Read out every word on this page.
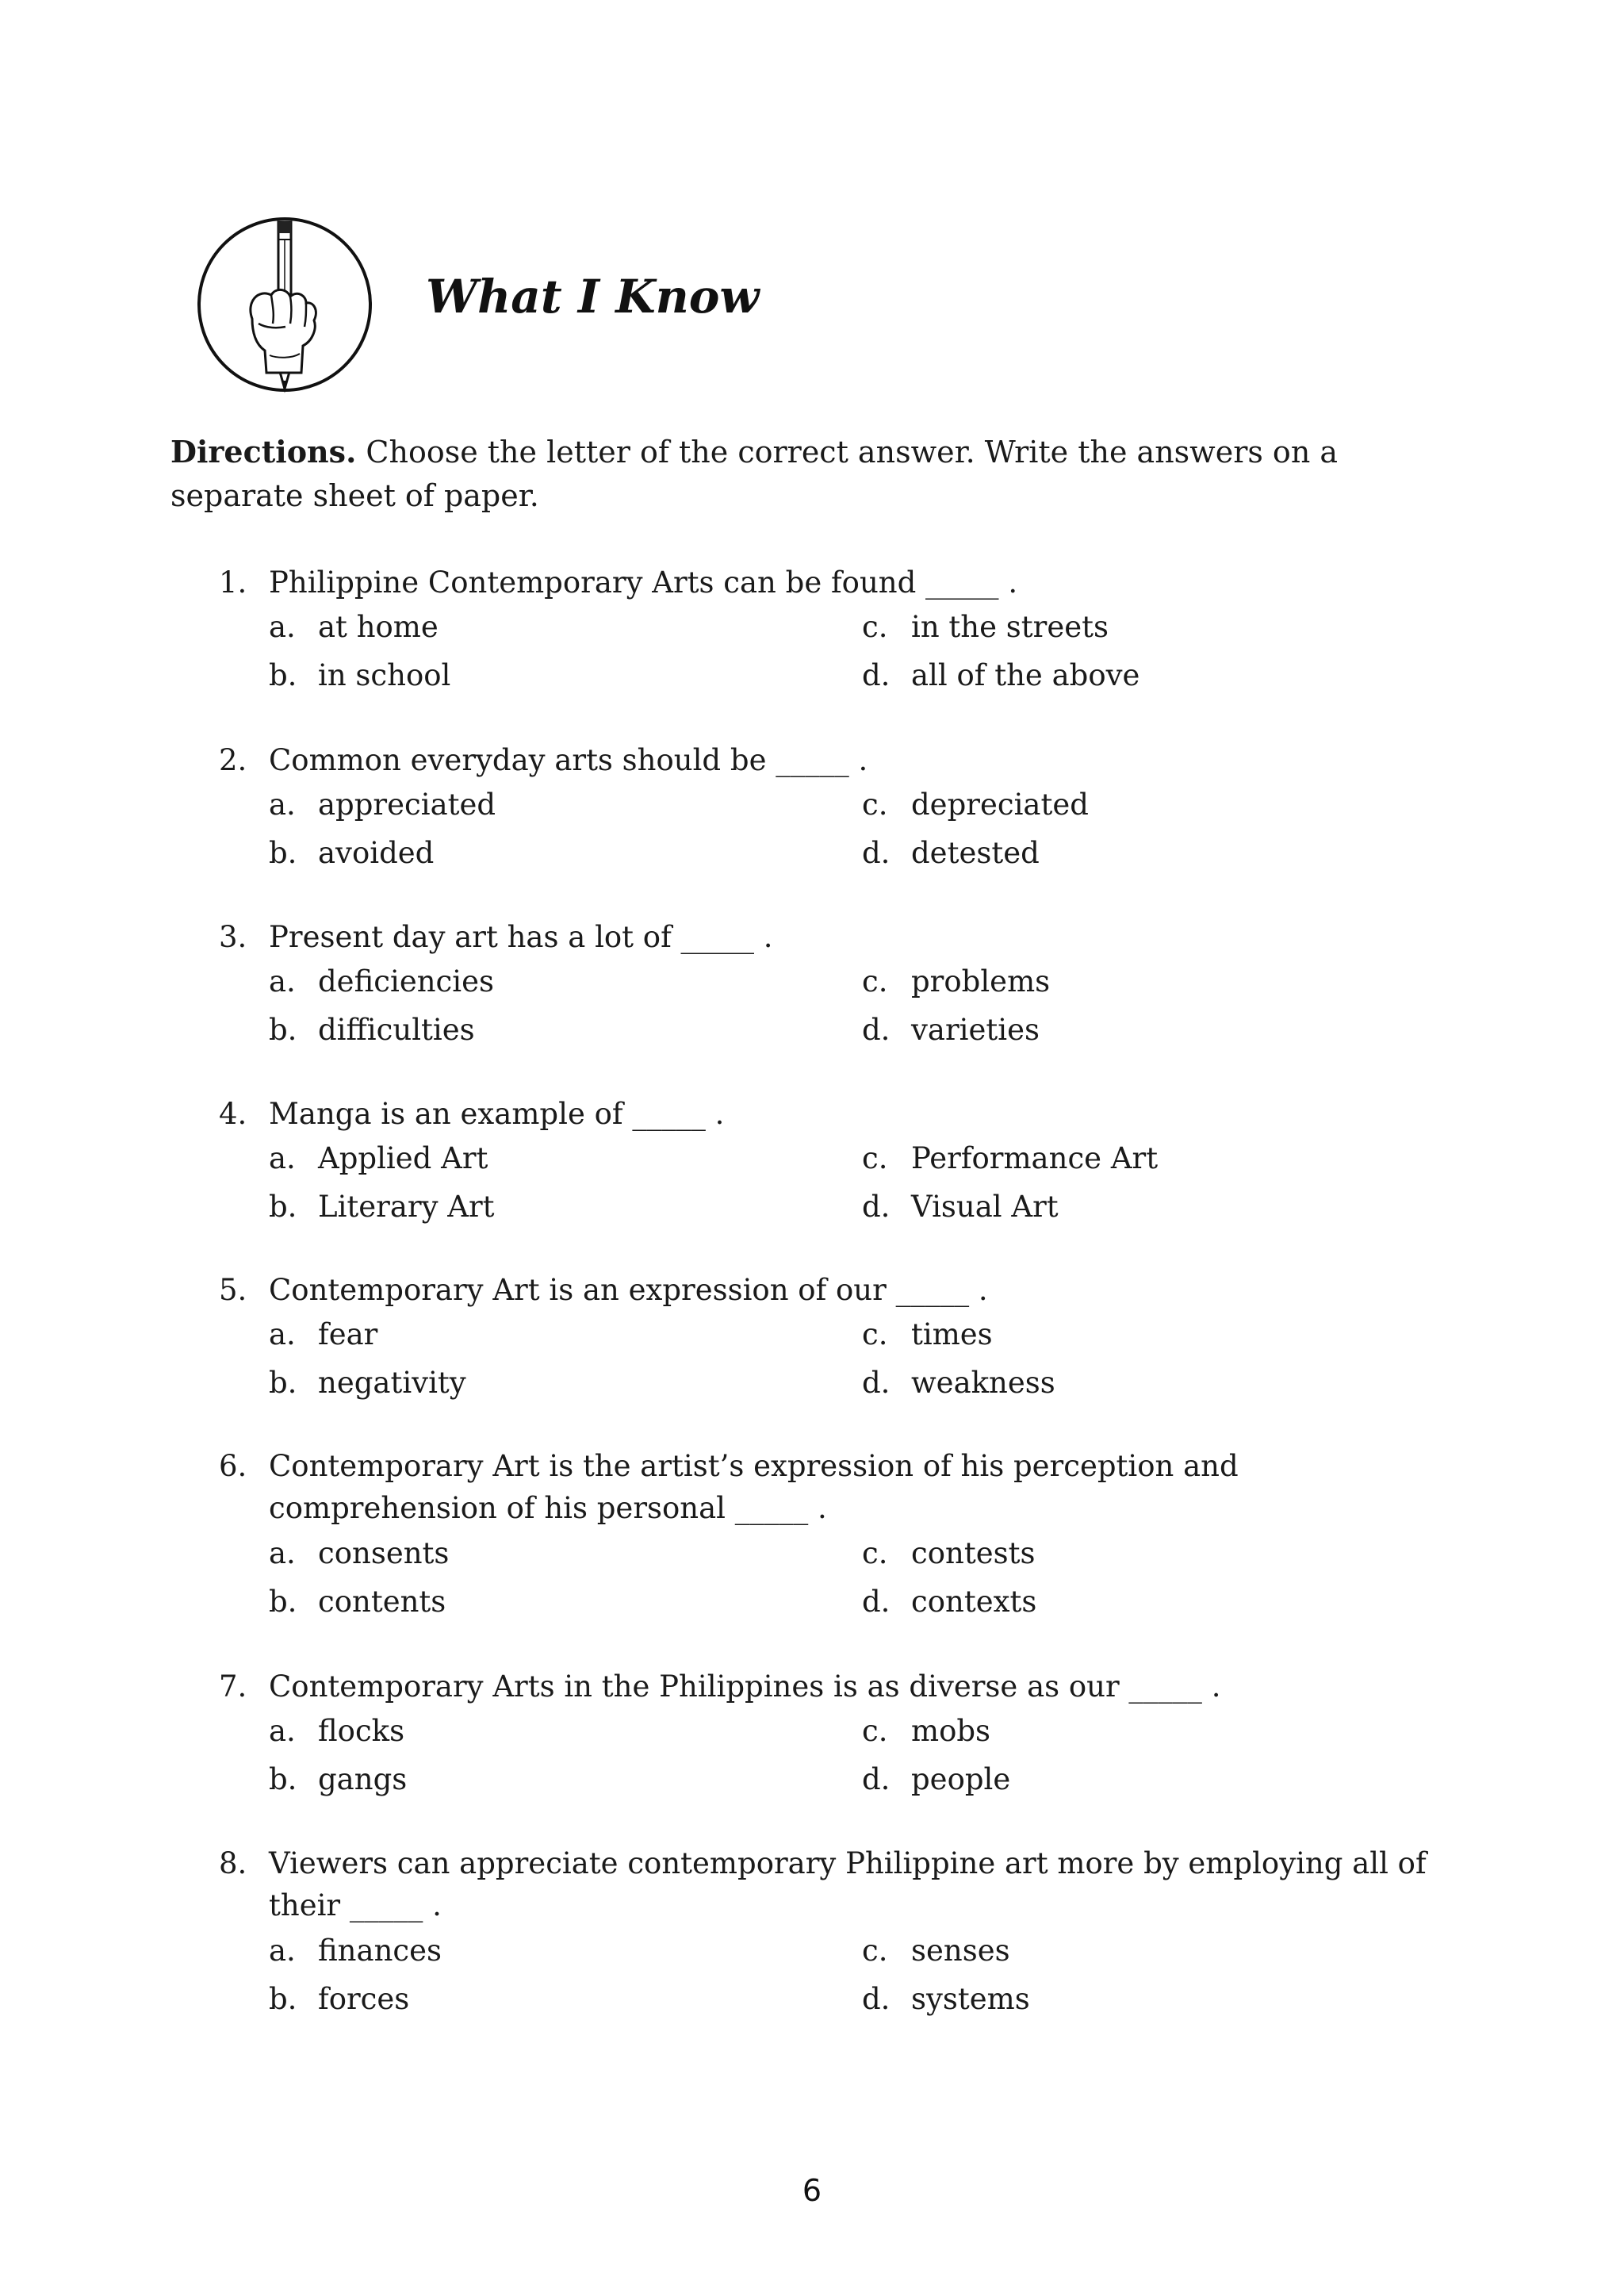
What I Know
Directions. Choose the letter of the correct answer. Write the answers on a separate sheet of paper.
1. Philippine Contemporary Arts can be found _____ .
a. at home
b. in school
c. in the streets
d. all of the above
2. Common everyday arts should be _____ .
a. appreciated
b. avoided
c. depreciated
d. detested
3. Present day art has a lot of _____ .
a. deficiencies
b. difficulties
c. problems
d. varieties
4. Manga is an example of _____ .
a. Applied Art
b. Literary Art
c. Performance Art
d. Visual Art
5. Contemporary Art is an expression of our _____ .
a. fear
b. negativity
c. times
d. weakness
6. Contemporary Art is the artist’s expression of his perception and comprehension of his personal _____ .
a. consents
b. contents
c. contests
d. contexts
7. Contemporary Arts in the Philippines is as diverse as our _____ .
a. flocks
b. gangs
c. mobs
d. people
8. Viewers can appreciate contemporary Philippine art more by employing all of their _____ .
a. finances
b. forces
c. senses
d. systems
6
